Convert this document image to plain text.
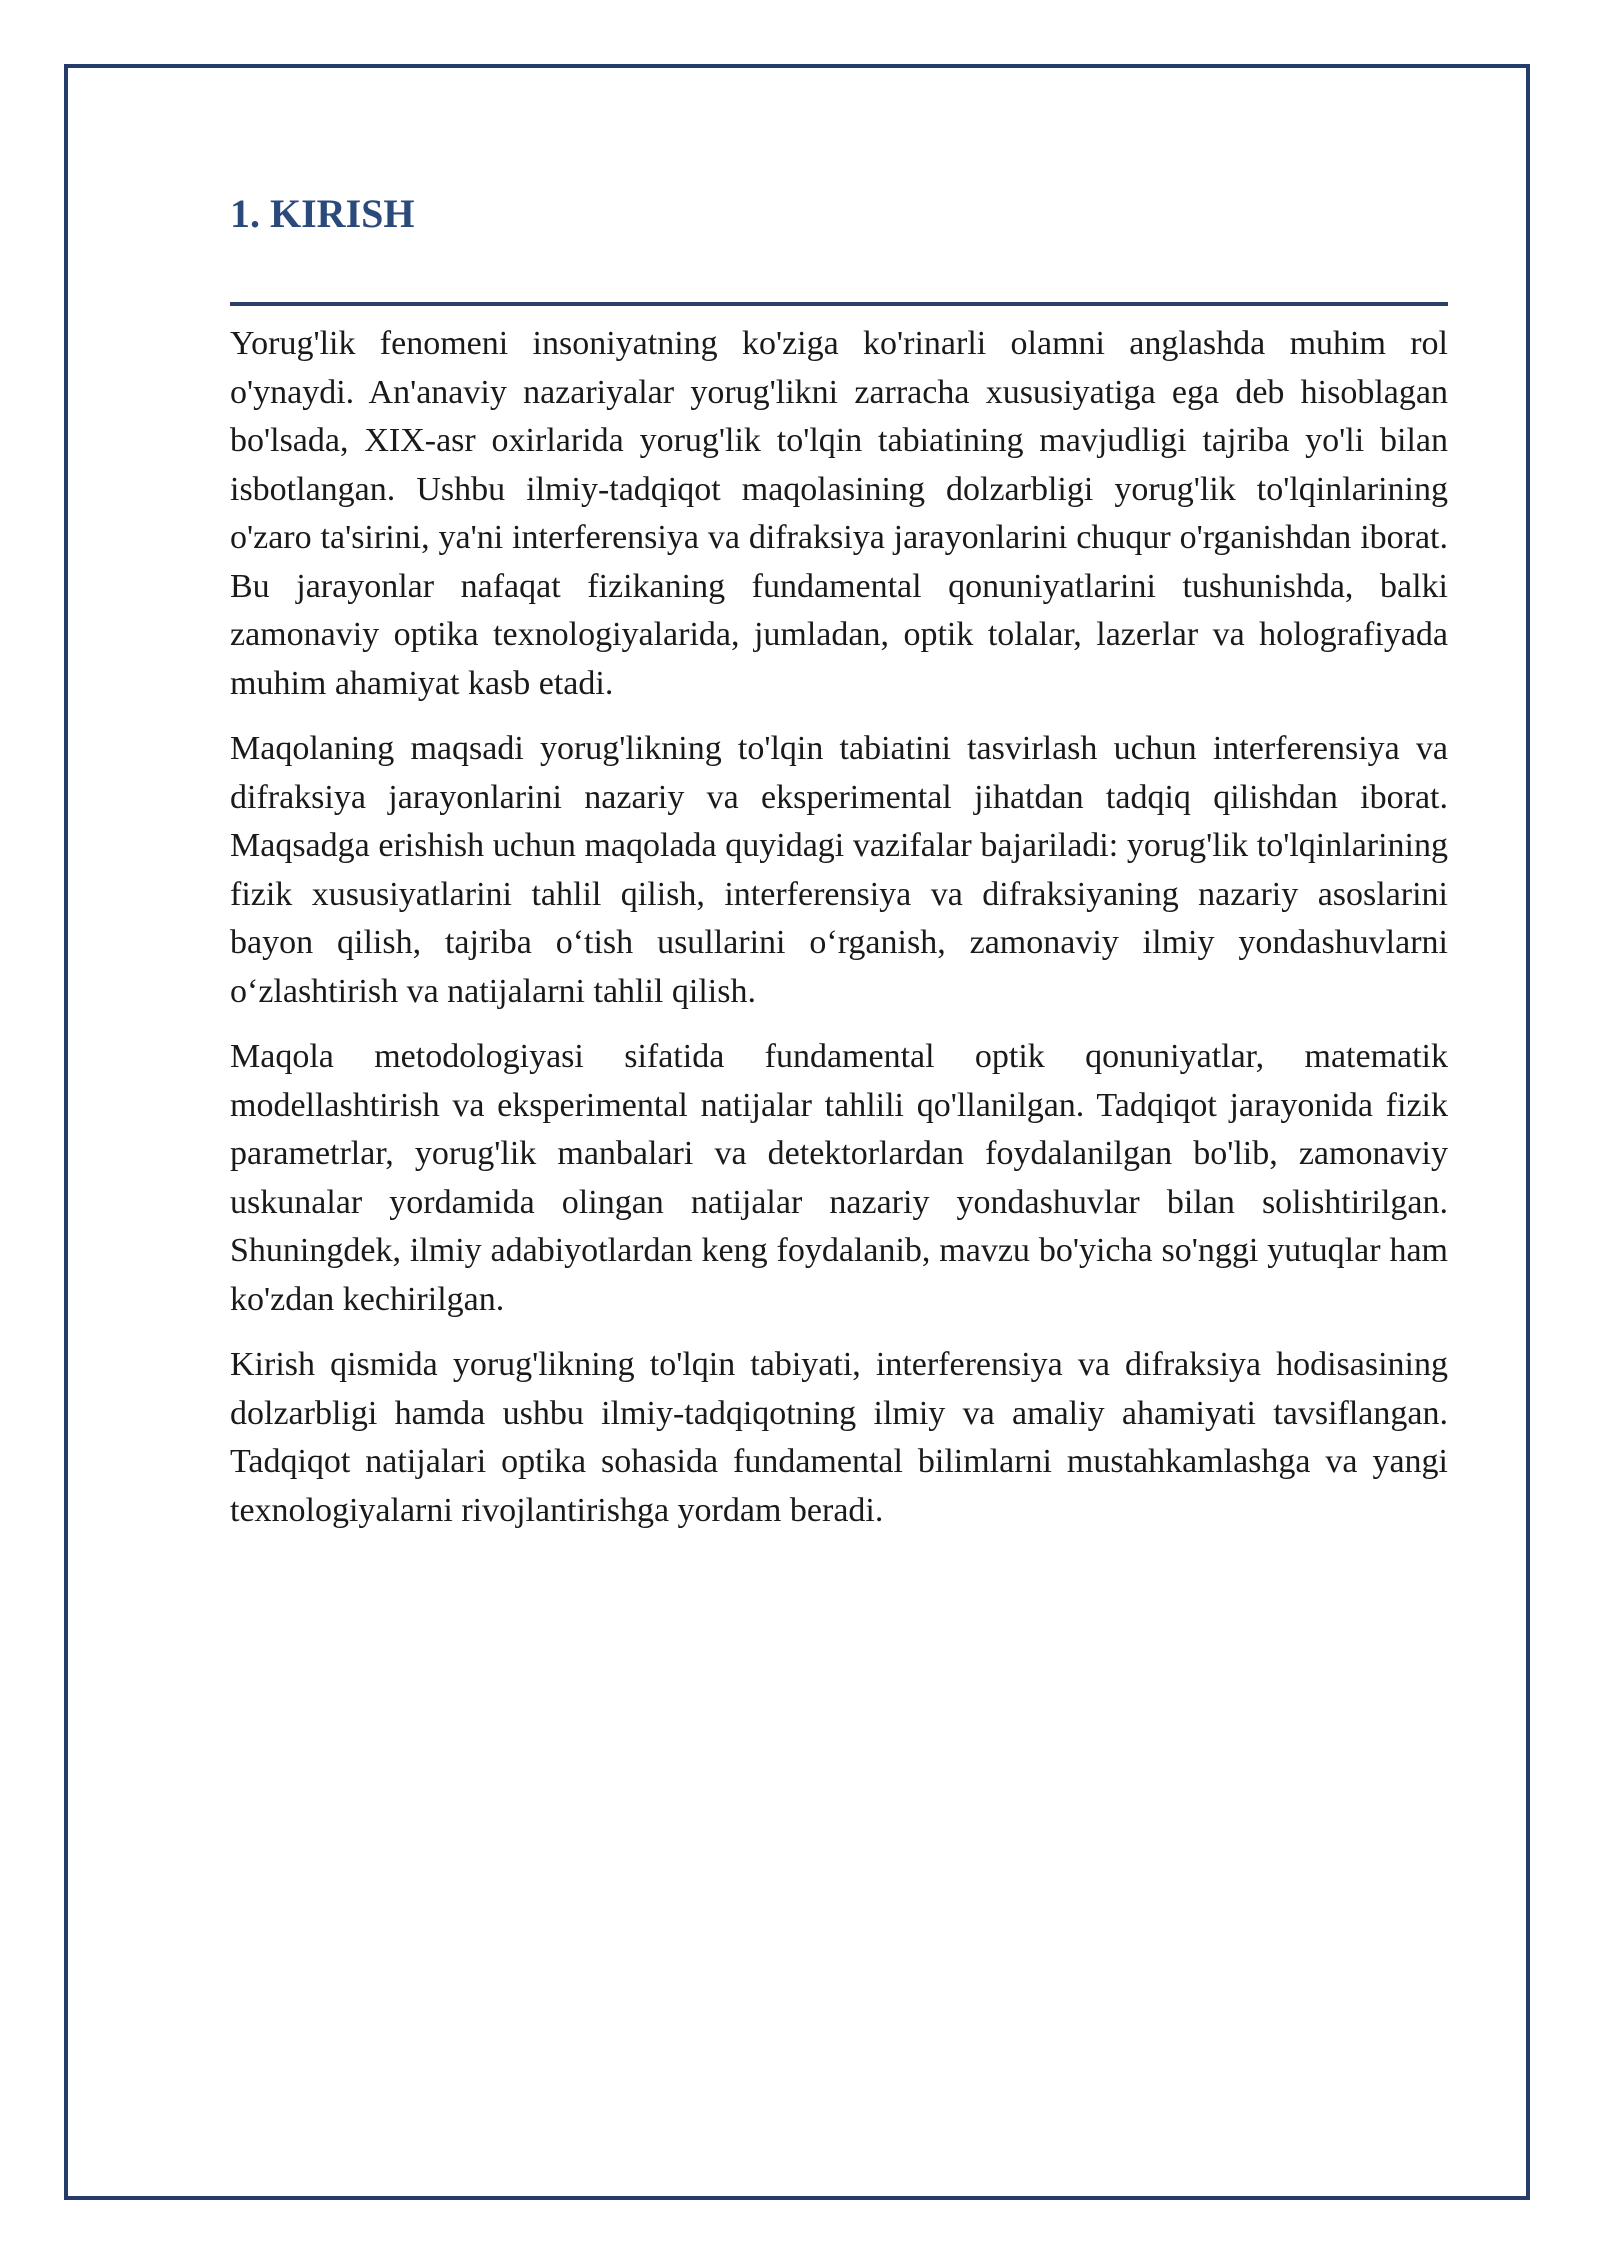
1. KIRISH

Yorug'lik fenomeni insoniyatning ko'ziga ko'rinarli olamni anglashda muhim rol o'ynaydi. An'anaviy nazariyalar yorug'likni zarracha xususiyatiga ega deb hisoblagan bo'lsada, XIX-asr oxirlarida yorug'lik to'lqin tabiatining mavjudligi tajriba yo'li bilan isbotlangan. Ushbu ilmiy-tadqiqot maqolasining dolzarbligi yorug'lik to'lqinlarining o'zaro ta'sirini, ya'ni interferensiya va difraksiya jarayonlarini chuqur o'rganishdan iborat. Bu jarayonlar nafaqat fizikaning fundamental qonuniyatlarini tushunishda, balki zamonaviy optika texnologiyalarida, jumladan, optik tolalar, lazerlar va holografiyada muhim ahamiyat kasb etadi.

Maqolaning maqsadi yorug'likning to'lqin tabiatini tasvirlash uchun interferensiya va difraksiya jarayonlarini nazariy va eksperimental jihatdan tadqiq qilishdan iborat. Maqsadga erishish uchun maqolada quyidagi vazifalar bajariladi: yorug'lik to'lqinlarining fizik xususiyatlarini tahlil qilish, interferensiya va difraksiyaning nazariy asoslarini bayon qilish, tajriba o‘tish usullarini o‘rganish, zamonaviy ilmiy yondashuvlarni o‘zlashtirish va natijalarni tahlil qilish.

Maqola metodologiyasi sifatida fundamental optik qonuniyatlar, matematik modellashtirish va eksperimental natijalar tahlili qo'llanilgan. Tadqiqot jarayonida fizik parametrlar, yorug'lik manbalari va detektorlardan foydalanilgan bo'lib, zamonaviy uskunalar yordamida olingan natijalar nazariy yondashuvlar bilan solishtirilgan. Shuningdek, ilmiy adabiyotlardan keng foydalanib, mavzu bo'yicha so'nggi yutuqlar ham ko'zdan kechirilgan.

Kirish qismida yorug'likning to'lqin tabiyati, interferensiya va difraksiya hodisasining dolzarbligi hamda ushbu ilmiy-tadqiqotning ilmiy va amaliy ahamiyati tavsiflangan. Tadqiqot natijalari optika sohasida fundamental bilimlarni mustahkamlashga va yangi texnologiyalarni rivojlantirishga yordam beradi.
